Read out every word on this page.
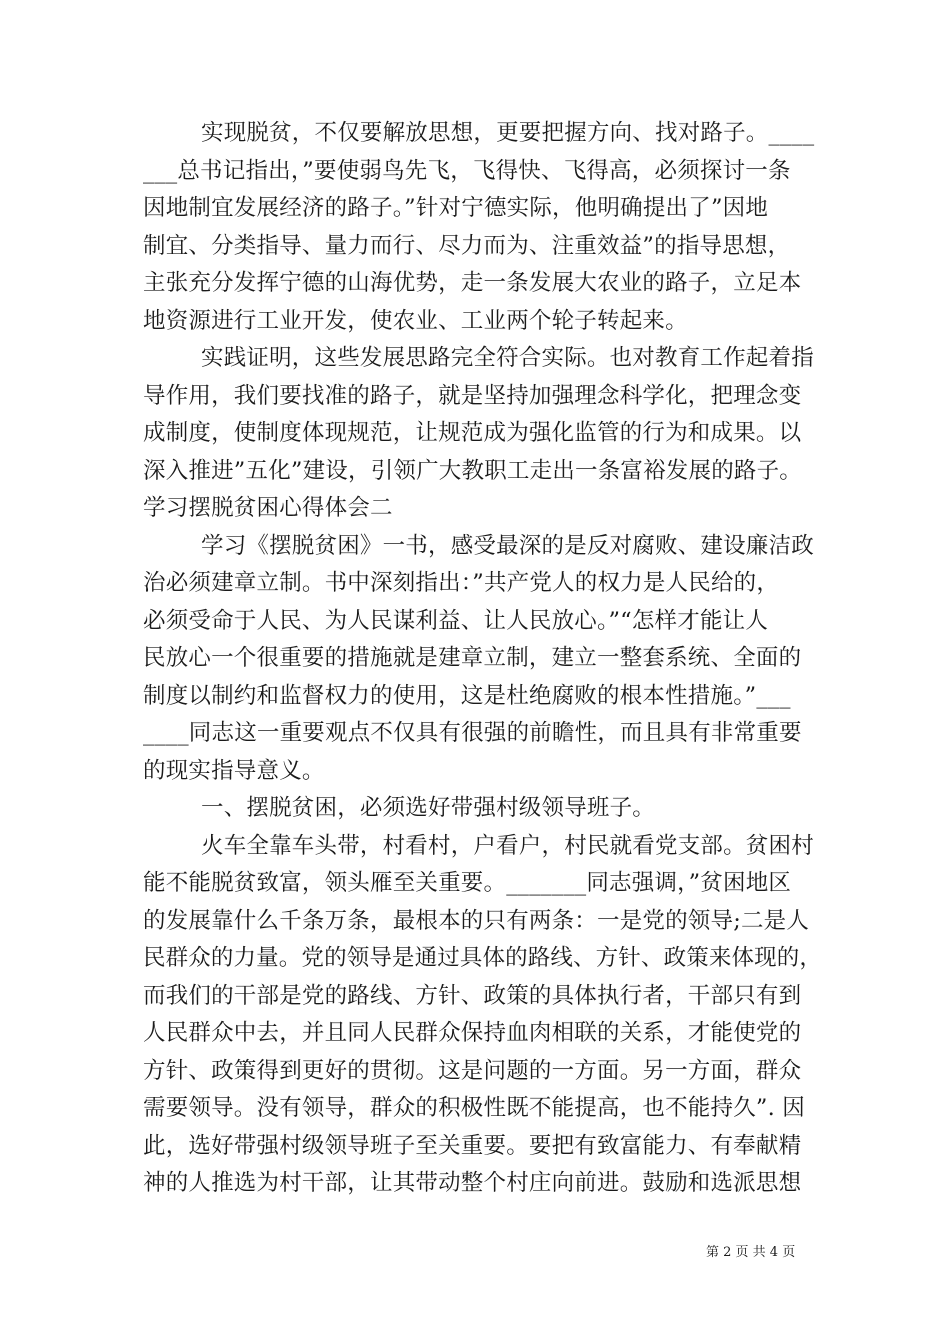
实现脱贫，不仅要解放思想，更要把握方向、找对路子。____
___总书记指出，”要使弱鸟先飞，飞得快、飞得高，必须探讨一条
因地制宜发展经济的路子。”针对宁德实际，他明确提出了”因地
制宜、分类指导、量力而行、尽力而为、注重效益”的指导思想，
主张充分发挥宁德的山海优势，走一条发展大农业的路子，立足本
地资源进行工业开发，使农业、工业两个轮子转起来。
实践证明，这些发展思路完全符合实际。也对教育工作起着指
导作用，我们要找准的路子，就是坚持加强理念科学化，把理念变
成制度，使制度体现规范，让规范成为强化监管的行为和成果。以
深入推进”五化”建设，引领广大教职工走出一条富裕发展的路子。
学习摆脱贫困心得体会二
学习《摆脱贫困》一书，感受最深的是反对腐败、建设廉洁政
治必须建章立制。书中深刻指出：”共产党人的权力是人民给的，
必须受命于人民、为人民谋利益、让人民放心。”“怎样才能让人
民放心一个很重要的措施就是建章立制，建立一整套系统、全面的
制度以制约和监督权力的使用，这是杜绝腐败的根本性措施。”___
____同志这一重要观点不仅具有很强的前瞻性，而且具有非常重要
的现实指导意义。
一、摆脱贫困，必须选好带强村级领导班子。
火车全靠车头带，村看村，户看户，村民就看党支部。贫困村
能不能脱贫致富，领头雁至关重要。_______同志强调，”贫困地区
的发展靠什么千条万条，最根本的只有两条：一是党的领导;二是人
民群众的力量。党的领导是通过具体的路线、方针、政策来体现的，
而我们的干部是党的路线、方针、政策的具体执行者，干部只有到
人民群众中去，并且同人民群众保持血肉相联的关系，才能使党的
方针、政策得到更好的贯彻。这是问题的一方面。另一方面，群众
需要领导。没有领导，群众的积极性既不能提高，也不能持久”. 因
此，选好带强村级领导班子至关重要。要把有致富能力、有奉献精
神的人推选为村干部，让其带动整个村庄向前进。鼓励和选派思想
第 2 页 共 4 页
